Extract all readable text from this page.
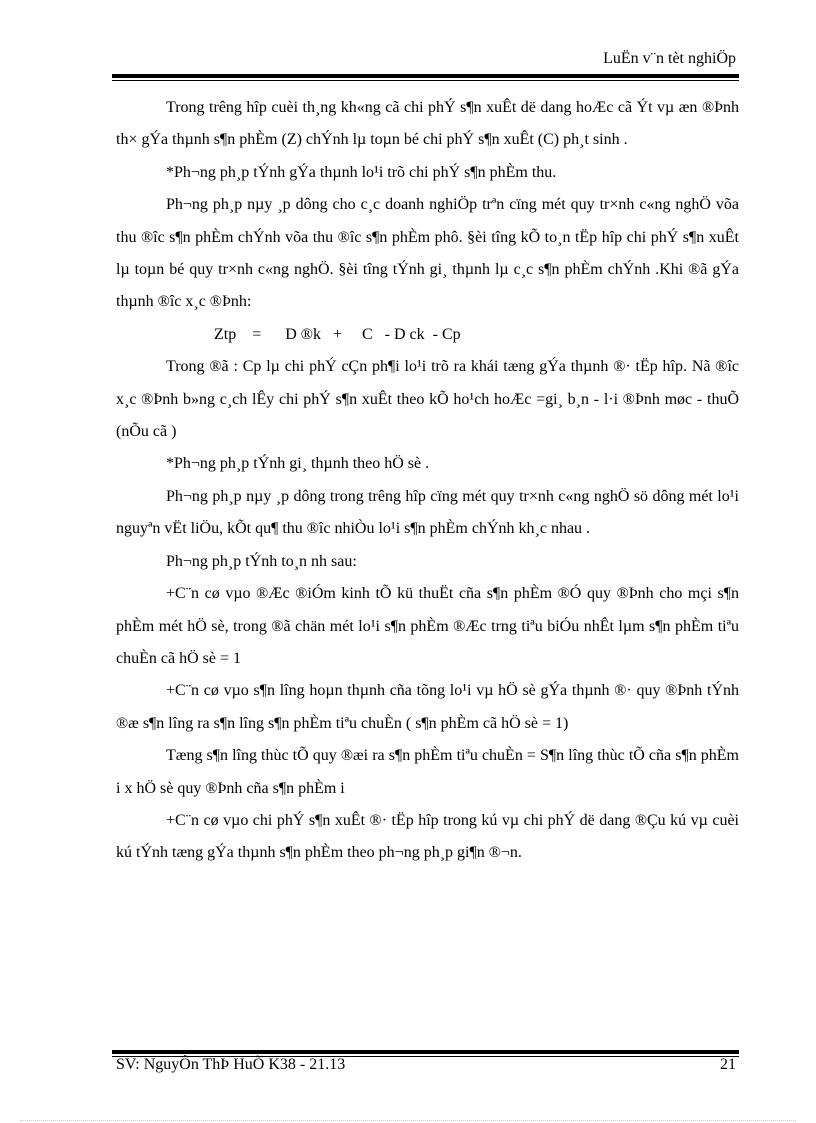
LuËn v¨n tèt nghiÖp

Trong trêng hîp cuèi th¸ng kh«ng cã chi phÝ s¶n xuÊt dë dang hoÆc cã Ýt vµ æn ®Þnh th× gÝa thµnh s¶n phÈm (Z) chÝnh lµ toµn bé chi phÝ s¶n xuÊt (C) ph¸t sinh .

*Ph¬ng ph¸p tÝnh gÝa thµnh lo¹i trõ chi phÝ s¶n phÈm thu.

Ph¬ng ph¸p nµy ¸p dông cho c¸c doanh nghiÖp trªn cïng mét quy tr×nh c«ng nghÖ võa thu ®îc s¶n phÈm chÝnh võa thu ®îc s¶n phÈm phô. §èi tîng kÕ to¸n tËp hîp chi phÝ s¶n xuÊt lµ toµn bé quy tr×nh c«ng nghÖ. §èi tîng tÝnh gi¸ thµnh lµ c¸c s¶n phÈm chÝnh .Khi ®ã gÝa thµnh ®îc x¸c ®Þnh:

Ztp    =      D ®k   +     C   - D ck  - Cp

Trong ®ã : Cp lµ chi phÝ cÇn ph¶i lo¹i trõ ra khái tæng gÝa thµnh ®· tËp hîp. Nã ®îc x¸c ®Þnh b»ng c¸ch lÊy chi phÝ s¶n xuÊt theo kÕ ho¹ch hoÆc =gi¸ b¸n - l·i ®Þnh møc - thuÕ (nÕu cã )

*Ph¬ng ph¸p tÝnh gi¸ thµnh theo hÖ sè .

Ph¬ng ph¸p nµy ¸p dông trong trêng hîp cïng mét quy tr×nh c«ng nghÖ sö dông mét lo¹i nguyªn vËt liÖu, kÕt qu¶ thu ®îc nhiÒu lo¹i s¶n phÈm chÝnh kh¸c nhau .

Ph¬ng ph¸p tÝnh to¸n nh sau:

+C¨n cø vµo ®Æc ®iÓm kinh tÕ kü thuËt cña s¶n phÈm ®Ó quy ®Þnh cho mçi s¶n phÈm mét hÖ sè, trong ®ã chän mét lo¹i s¶n phÈm ®Æc trng tiªu biÓu nhÊt lµm s¶n phÈm tiªu chuÈn cã hÖ sè = 1

+C¨n cø vµo s¶n lîng hoµn thµnh cña tõng lo¹i vµ hÖ sè gÝa thµnh ®· quy ®Þnh tÝnh ®æ s¶n lîng ra s¶n lîng s¶n phÈm tiªu chuÈn ( s¶n phÈm cã hÖ sè = 1)

Tæng s¶n lîng thùc tÕ quy ®æi ra s¶n phÈm tiªu chuÈn = S¶n lîng thùc tÕ cña s¶n phÈm i x hÖ sè quy ®Þnh cña s¶n phÈm i

+C¨n cø vµo chi phÝ s¶n xuÊt ®· tËp hîp trong kú vµ chi phÝ dë dang ®Çu kú vµ cuèi kú tÝnh tæng gÝa thµnh s¶n phÈm theo ph¬ng ph¸p gi¶n ®¬n.

SV: NguyÔn ThÞ HuÕ K38 - 21.13	21
